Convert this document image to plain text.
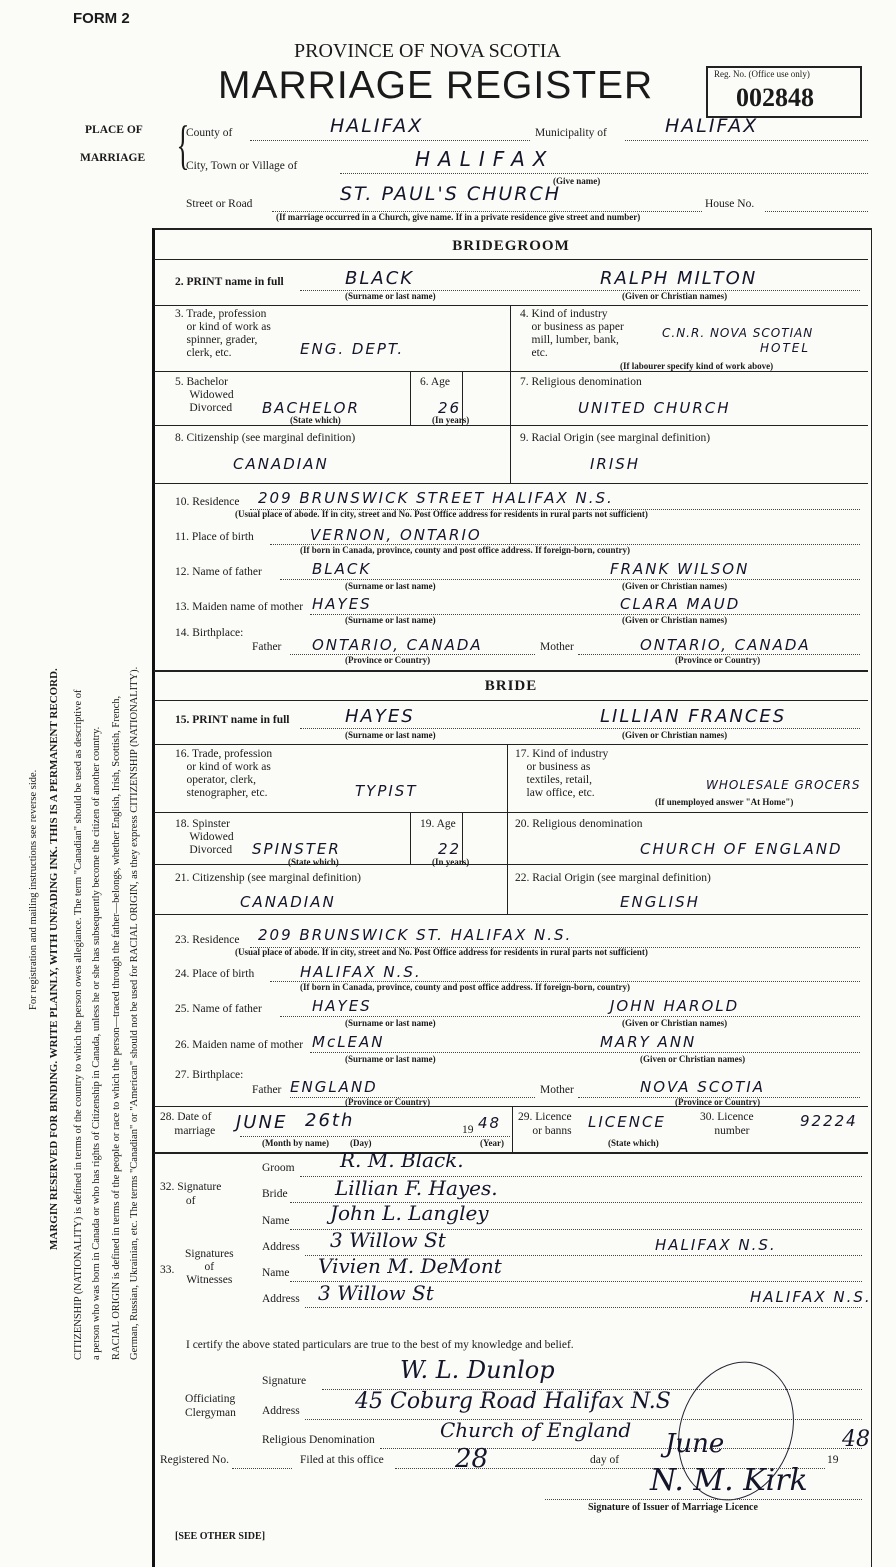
FORM 2
PROVINCE OF NOVA SCOTIA
MARRIAGE REGISTER	Reg. No. (Office use only)
002848
For registration and mailing instructions see reverse side. MARGIN RESERVED FOR BINDING. WRITE PLAINLY, WITH UNFADING INK. THIS IS A PERMANENT RECORD. CITIZENSHIP (NATIONALITY) is defined in terms of the country to which the person owes allegiance. The term "Canadian" should be used as descriptive of a person who was born in Canada or who has rights of Citizenship in Canada, unless he or she has subsequently become the citizen of another country. RACIAL ORIGIN is defined in terms of the people or race to which the person—traced through the father—belongs, whether English, Irish, Scottish, French, German, Russian, Ukrainian, etc. The terms "Canadian" or "American" should not be used for RACIAL ORIGIN, as they express CITIZENSHIP (NATIONALITY).
PLACE OF
MARRIAGE {
County of	HALIFAX	Municipality of	HALIFAX
City, Town or Village of	HALIFAX
(Give name)
Street or Road	ST. PAUL'S CHURCH	House No.
(If marriage occurred in a Church, give name. If in a private residence give street and number)
BRIDEGROOM
2. PRINT name in full	BLACK	RALPH MILTON
(Surname or last name)	(Given or Christian names)
3. Trade, profession
or kind of work as
spinner, grader,
clerk, etc.	ENG. DEPT.
4. Kind of industry
or business as paper
mill, lumber, bank,
etc.
C.N.R. NOVA SCOTIAN
HOTEL
(If labourer specify kind of work above)
5. Bachelor
Widowed
Divorced BACHELOR
(State which)
6. Age
26
(In years)
7. Religious denomination
UNITED CHURCH
8. Citizenship (see marginal definition)
CANADIAN
9. Racial Origin (see marginal definition)
IRISH
10. Residence 209 BRUNSWICK STREET HALIFAX N.S.
(Usual place of abode. If in city, street and No. Post Office address for residents in rural parts not sufficient)
11. Place of birth	VERNON, ONTARIO
(If born in Canada, province, county and post office address. If foreign-born, country)
12. Name of father	BLACK	FRANK WILSON
(Surname or last name)	(Given or Christian names)
13. Maiden name of mother HAYES	CLARA MAUD
(Surname or last name)	(Given or Christian names)
14. Birthplace:
Father ONTARIO, CANADA	Mother	ONTARIO, CANADA
(Province or Country)	(Province or Country)
BRIDE
15. PRINT name in full	HAYES	LILLIAN FRANCES
(Surname or last name)	(Given or Christian names)
16. Trade, profession
or kind of work as
operator, clerk,
stenographer, etc.	TYPIST
17. Kind of industry
or business as
textiles, retail,
law office, etc.
WHOLESALE GROCERS
(If unemployed answer "At Home")
18. Spinster
Widowed
Divorced SPINSTER
(State which)
19. Age
22
(In years)
20. Religious denomination
CHURCH OF ENGLAND
21. Citizenship (see marginal definition)
CANADIAN
22. Racial Origin (see marginal definition)
ENGLISH
23. Residence 209 BRUNSWICK ST. HALIFAX N.S.
(Usual place of abode. If in city, street and No. Post Office address for residents in rural parts not sufficient)
24. Place of birth	HALIFAX N.S.
(If born in Canada, province, county and post office address. If foreign-born, country)
25. Name of father	HAYES	JOHN HAROLD
(Surname or last name)	(Given or Christian names)
26. Maiden name of mother McLEAN	MARY ANN
(Surname or last name)	(Given or Christian names)
27. Birthplace:
Father ENGLAND	Mother	NOVA SCOTIA
(Province or Country)	(Province or Country)
28. Date of
marriage JUNE 26th	19 48
(Month by name) (Day)	(Year)
29. Licence
or banns LICENCE
(State which)
30. Licence
number
92224
32. Signature
of
Groom R. M. Black.
Bride Lillian F. Hayes.
33.
Signatures
of
Witnesses
Name John L. Langley
Address 3 Willow St	HALIFAX N.S.
Name Vivien M. DeMont
Address 3 Willow St	HALIFAX N.S.
I certify the above stated particulars are true to the best of my knowledge and belief.
Officiating
Clergyman
Signature	W. L. Dunlop
Address	45 Coburg Road Halifax N.S
Religious Denomination	Church of England
Registered No.	Filed at this office	28	day of
June
19
48
N. M. Kirk
Signature of Issuer of Marriage Licence
[SEE OTHER SIDE]
